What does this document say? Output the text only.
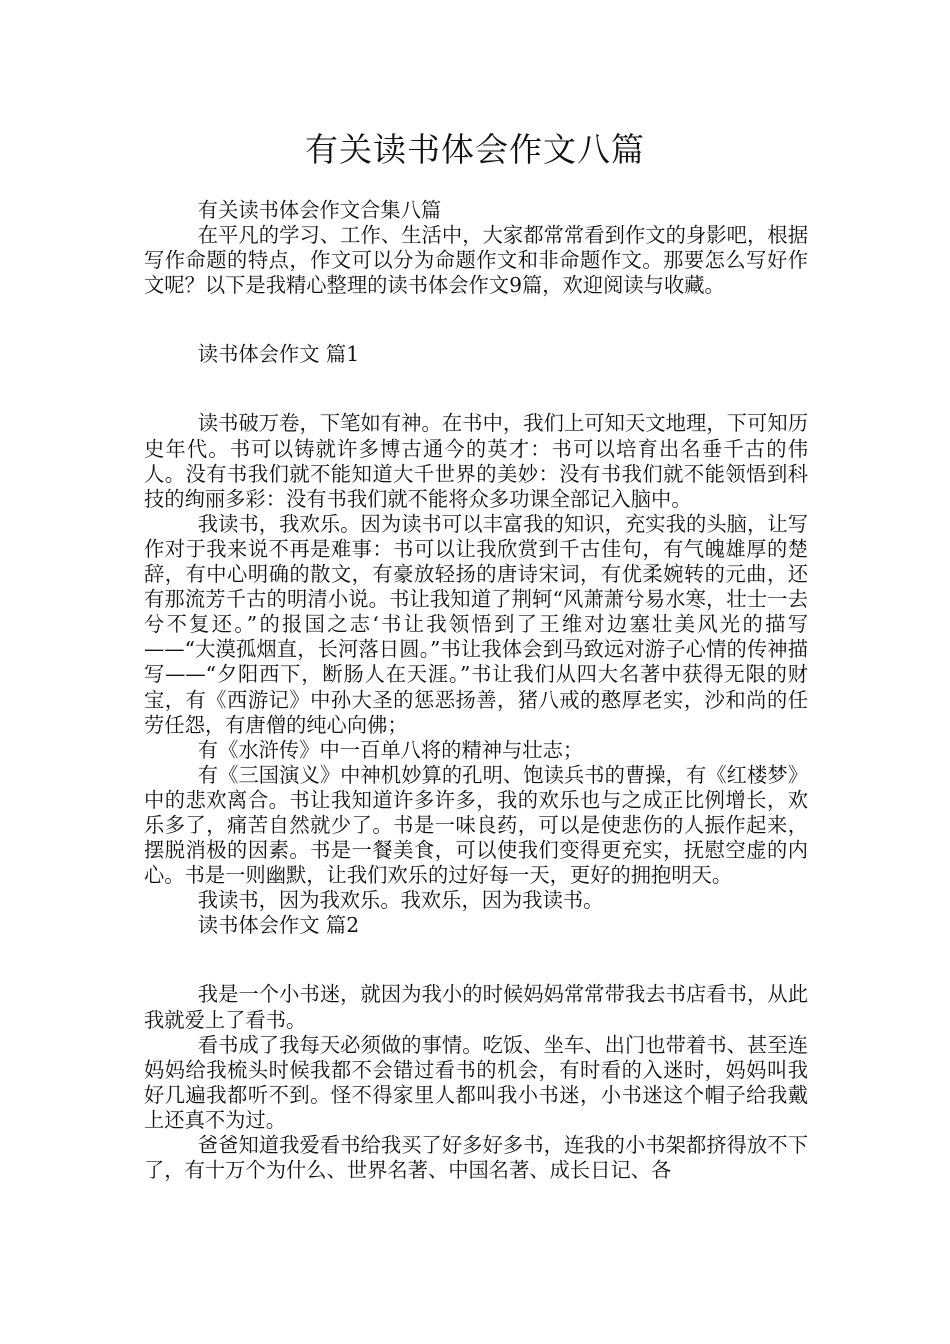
有关读书体会作文八篇

有关读书体会作文合集八篇

在平凡的学习、工作、生活中，大家都常常看到作文的身影吧，根据写作命题的特点，作文可以分为命题作文和非命题作文。那要怎么写好作文呢？以下是我精心整理的读书体会作文9篇，欢迎阅读与收藏。

读书体会作文 篇1

读书破万卷，下笔如有神。在书中，我们上可知天文地理，下可知历史年代。书可以铸就许多博古通今的英才：书可以培育出名垂千古的伟人。没有书我们就不能知道大千世界的美妙：没有书我们就不能领悟到科技的绚丽多彩：没有书我们就不能将众多功课全部记入脑中。

我读书，我欢乐。因为读书可以丰富我的知识，充实我的头脑，让写作对于我来说不再是难事：书可以让我欣赏到千古佳句，有气魄雄厚的楚辞，有中心明确的散文，有豪放轻扬的唐诗宋词，有优柔婉转的元曲，还有那流芳千古的明清小说。书让我知道了荆轲“风萧萧兮易水寒，壮士一去兮不复还。”的报国之志‘书让我领悟到了王维对边塞壮美风光的描写——“大漠孤烟直，长河落日圆。”书让我体会到马致远对游子心情的传神描写——“夕阳西下，断肠人在天涯。”书让我们从四大名著中获得无限的财宝，有《西游记》中孙大圣的惩恶扬善，猪八戒的憨厚老实，沙和尚的任劳任怨，有唐僧的纯心向佛；

有《水浒传》中一百单八将的精神与壮志；

有《三国演义》中神机妙算的孔明、饱读兵书的曹操，有《红楼梦》中的悲欢离合。书让我知道许多许多，我的欢乐也与之成正比例增长，欢乐多了，痛苦自然就少了。书是一味良药，可以是使悲伤的人振作起来，摆脱消极的因素。书是一餐美食，可以使我们变得更充实，抚慰空虚的内心。书是一则幽默，让我们欢乐的过好每一天，更好的拥抱明天。

我读书，因为我欢乐。我欢乐，因为我读书。

读书体会作文 篇2

我是一个小书迷，就因为我小的时候妈妈常常带我去书店看书，从此我就爱上了看书。

看书成了我每天必须做的事情。吃饭、坐车、出门也带着书、甚至连妈妈给我梳头时候我都不会错过看书的机会，有时看的入迷时，妈妈叫我好几遍我都听不到。怪不得家里人都叫我小书迷，小书迷这个帽子给我戴上还真不为过。

爸爸知道我爱看书给我买了好多好多书，连我的小书架都挤得放不下了，有十万个为什么、世界名著、中国名著、成长日记、各
